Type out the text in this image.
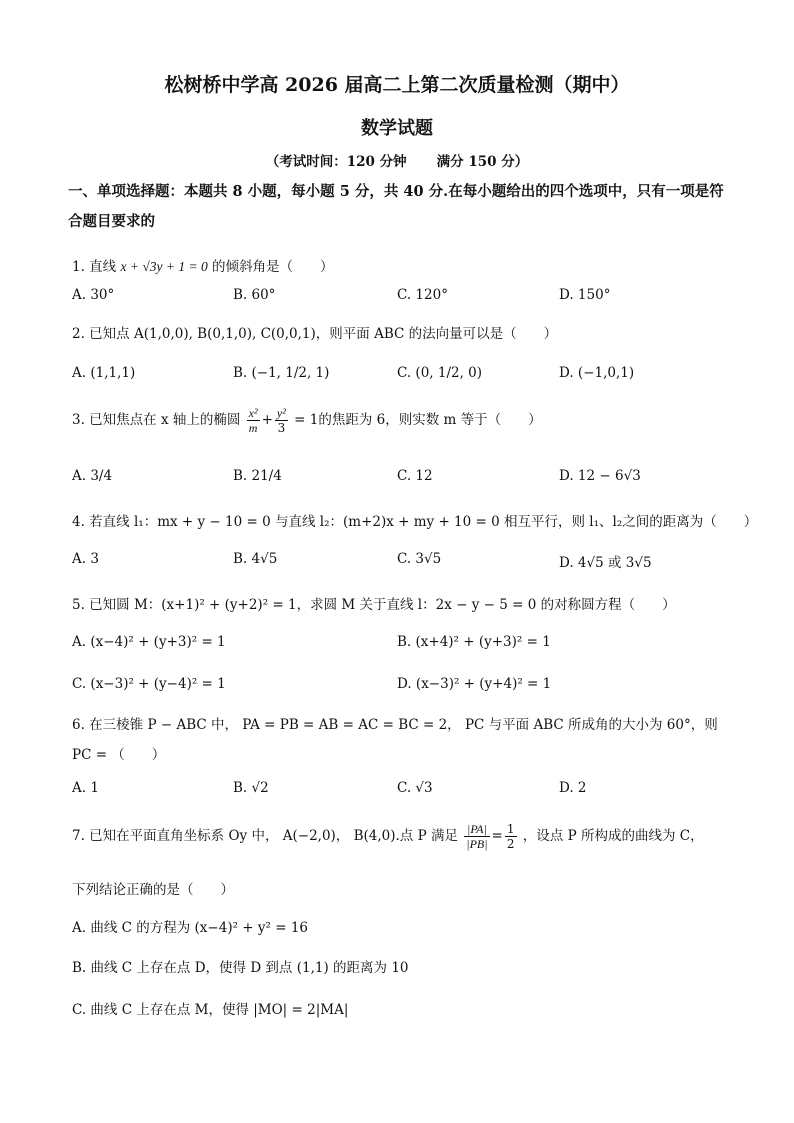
松树桥中学高 2026 届高二上第二次质量检测（期中）
数学试题
（考试时间：120 分钟 满分 150 分）
一、单项选择题：本题共 8 小题，每小题 5 分，共 40 分.在每小题给出的四个选项中，只有一项是符合题目要求的
1. 直线 x + √3y + 1 = 0 的倾斜角是（　　）
A. 30°	B. 60°	C. 120°	D. 150°
2. 已知点 A(1,0,0), B(0,1,0), C(0,0,1)，则平面 ABC 的法向量可以是（　　）
A. (1,1,1)	B. (−1, 1/2, 1)	C. (0, 1/2, 0)	D. (−1,0,1)
3. 已知焦点在 x 轴上的椭圆 $\frac{\text{x²}}{m} + \frac{\text{y²}}{3} = 1$的焦距为 6，则实数 m 等于（　　）
A. 3/4	B. 21/4	C. 12	D. 12 − 6√3
4. 若直线 l₁：mx + y − 10 = 0 与直线 l₂：(m+2)x + my + 10 = 0 相互平行，则 l₁、l₂之间的距离为（　　）
A. 3	B. 4√5	C. 3√5	D. 4√5 或 3√5
5. 已知圆 M：(x+1)² + (y+2)² = 1，求圆 M 关于直线 l：2x − y − 5 = 0 的对称圆方程（　　）
A. (x−4)² + (y+3)² = 1	B. (x+4)² + (y+3)² = 1
C. (x−3)² + (y−4)² = 1	D. (x−3)² + (y+4)² = 1
6. 在三棱锥 P − ABC 中， PA = PB = AB = AC = BC = 2， PC 与平面 ABC 所成角的大小为 60°，则
PC = （　　）
A. 1	B. √2	C. √3	D. 2
7. 已知在平面直角坐标系 Oy 中， A(−2,0)， B(4,0).点 P 满足 $\frac{|PA|}{|PB|} = \frac{1}{2}$ ，设点 P 所构成的曲线为 C，
下列结论正确的是（　　）
A. 曲线 C 的方程为 (x−4)² + y² = 16
B. 曲线 C 上存在点 D，使得 D 到点 (1,1) 的距离为 10
C. 曲线 C 上存在点 M，使得 |MO| = 2|MA|
